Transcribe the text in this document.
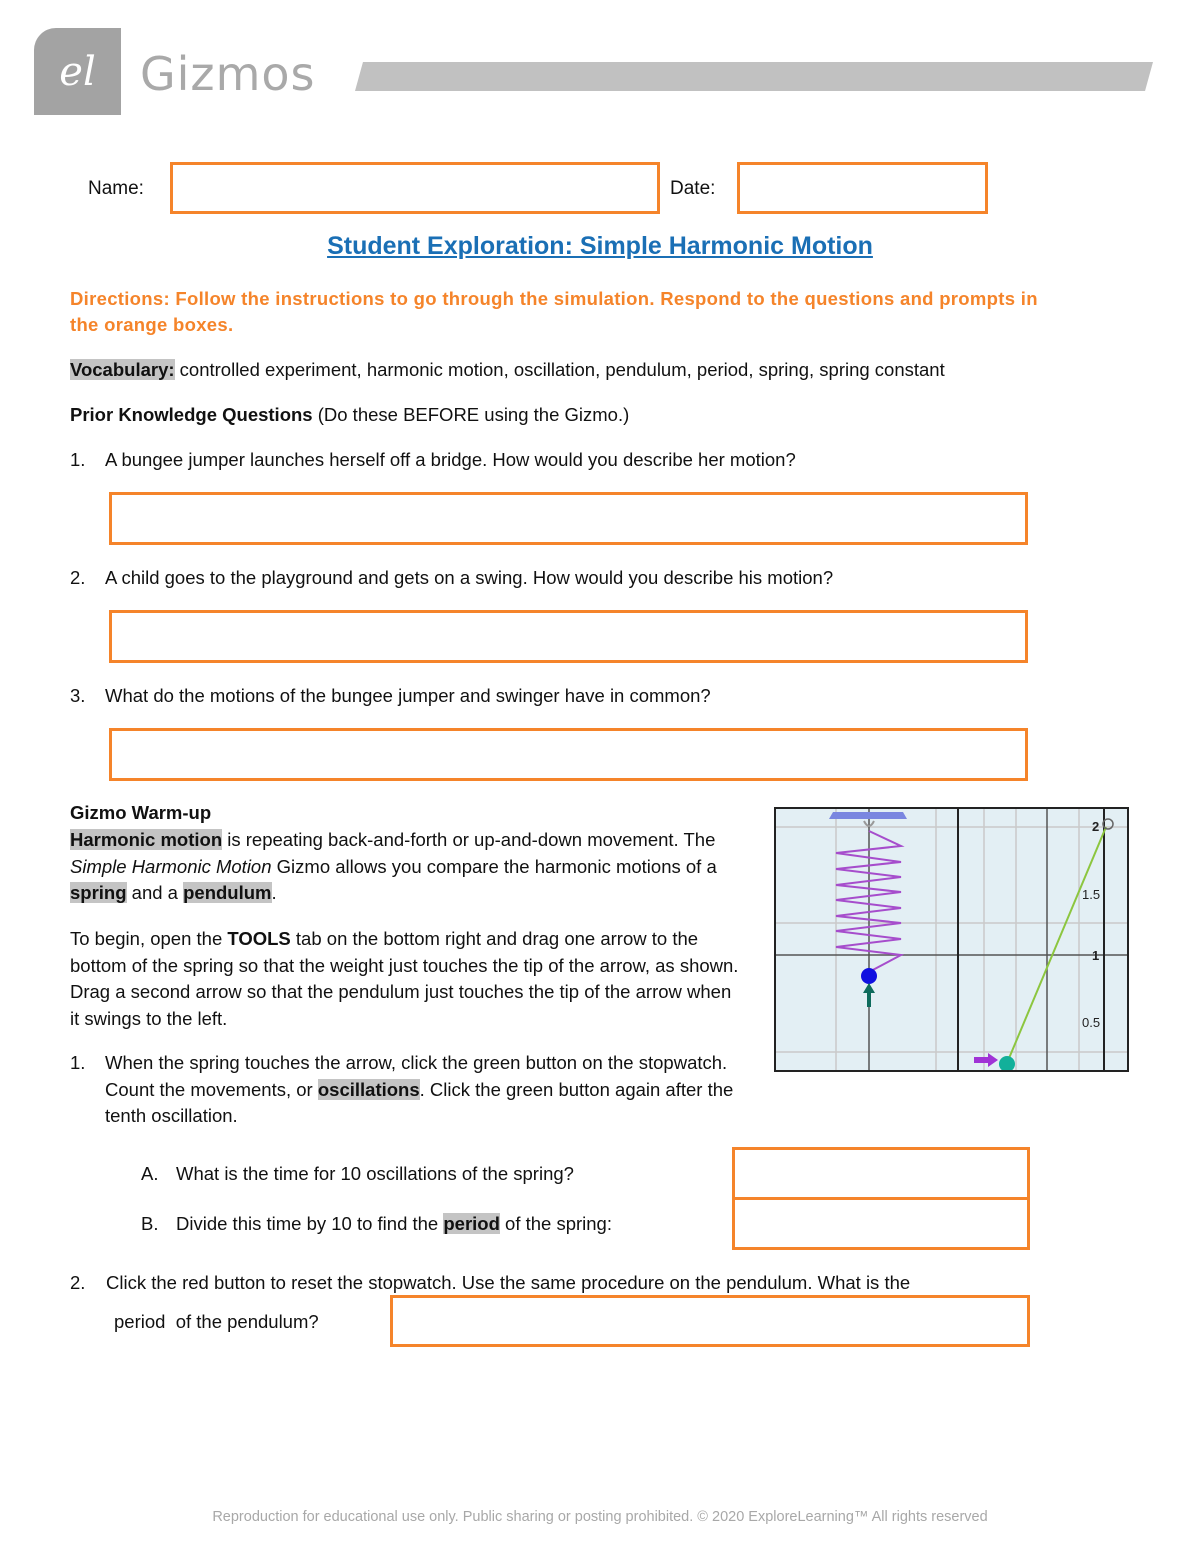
el Gizmos
Name:	Date:
Student Exploration: Simple Harmonic Motion
Directions: Follow the instructions to go through the simulation. Respond to the questions and prompts in the orange boxes.
Vocabulary: controlled experiment, harmonic motion, oscillation, pendulum, period, spring, spring constant
Prior Knowledge Questions (Do these BEFORE using the Gizmo.)
1. A bungee jumper launches herself off a bridge. How would you describe her motion?
2. A child goes to the playground and gets on a swing. How would you describe his motion?
3. What do the motions of the bungee jumper and swinger have in common?
Gizmo Warm-up
Harmonic motion is repeating back-and-forth or up-and-down movement. The Simple Harmonic Motion Gizmo allows you compare the harmonic motions of a spring and a pendulum.
To begin, open the TOOLS tab on the bottom right and drag one arrow to the bottom of the spring so that the weight just touches the tip of the arrow, as shown. Drag a second arrow so that the pendulum just touches the tip of the arrow when it swings to the left.
2
1.5
1
0.5
1. When the spring touches the arrow, click the green button on the stopwatch. Count the movements, or oscillations. Click the green button again after the tenth oscillation.
A. What is the time for 10 oscillations of the spring?
B. Divide this time by 10 to find the period of the spring:
2. Click the red button to reset the stopwatch. Use the same procedure on the pendulum. What is the
period  of the pendulum?
Reproduction for educational use only. Public sharing or posting prohibited. © 2020 ExploreLearning™ All rights reserved
